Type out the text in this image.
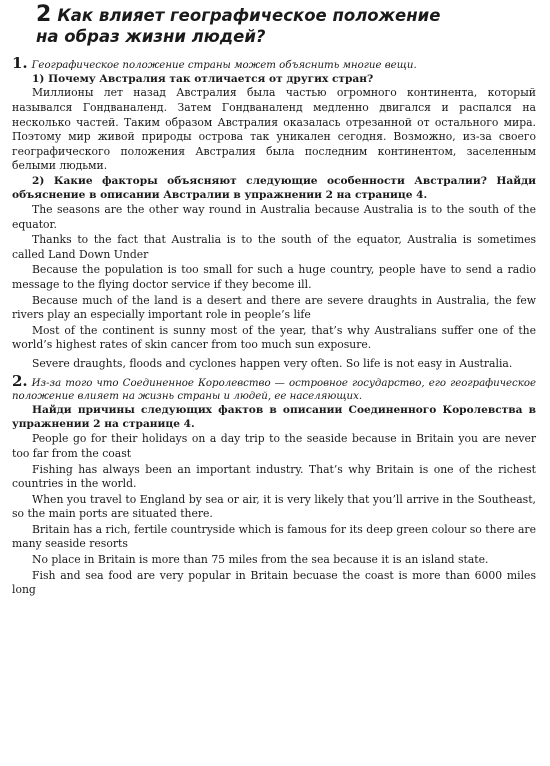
2 Как влияет географическое положение
на образ жизни людей?

1. Географическое положение страны может объяснить многие вещи.

1) Почему Австралия так отличается от других стран?

Миллионы лет назад Австралия была частью огромного континента, который назывался Гондваналенд. Затем Гондваналенд медленно двигался и распался на несколько частей. Таким образом Австралия оказалась отрезанной от остального мира. Поэтому мир живой природы острова так уникален сегодня. Возможно, из-за своего географического положения Австралия была последним континентом, заселенным белыми людьми.

2) Какие факторы объясняют следующие особенности Австралии? Найди объяснение в описании Австралии в упражнении 2 на странице 4.

The seasons are the other way round in Australia because Australia is to the south of the equator.

Thanks to the fact that Australia is to the south of the equator, Australia is sometimes called Land Down Under

Because the population is too small for such a huge country, people have to send a radio message to the flying doctor service if they become ill.

Because much of the land is a desert and there are severe draughts in Australia, the few rivers play an especially important role in people’s life

Most of the continent is sunny most of the year, that’s why Australians suffer one of the world’s highest rates of skin cancer from too much sun exposure.

Severe draughts, floods and cyclones happen very often. So life is not easy in Australia.

2. Из-за того что Соединенное Королевство — островное государство, его географическое положение влияет на жизнь страны и людей, ее населяющих.

Найди причины следующих фактов в описании Соединенного Королевства в упражнении 2 на странице 4.

People go for their holidays on a day trip to the seaside because in Britain you are never too far from the coast

Fishing has always been an important industry. That’s why Britain is one of the richest countries in the world.

When you travel to England by sea or air, it is very likely that you’ll arrive in the Southeast, so the main ports are situated there.

Britain has a rich, fertile countryside which is famous for its deep green colour so there are many seaside resorts

No place in Britain is more than 75 miles from the sea because it is an island state.

Fish and sea food are very popular in Britain becuase the coast is more than 6000 miles long
